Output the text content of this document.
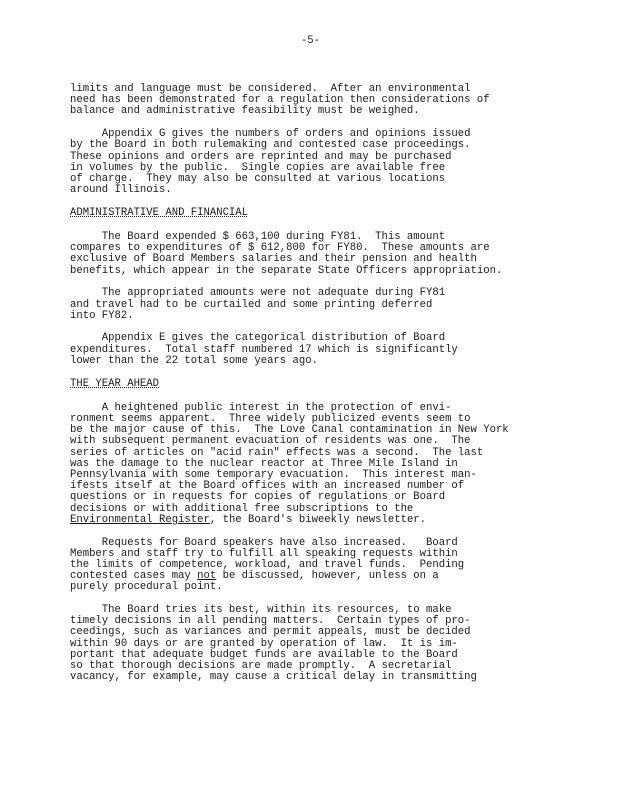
-5-
limits and language must be considered.  After an environmental
need has been demonstrated for a regulation then considerations of
balance and administrative feasibility must be weighed.
Appendix G gives the numbers of orders and opinions issued
by the Board in both rulemaking and contested case proceedings.
These opinions and orders are reprinted and may be purchased
in volumes by the public.  Single copies are available free
of charge.  They may also be consulted at various locations
around Illinois.
ADMINISTRATIVE AND FINANCIAL
The Board expended $ 663,100 during FY81.  This amount
compares to expenditures of $ 612,800 for FY80.  These amounts are
exclusive of Board Members salaries and their pension and health
benefits, which appear in the separate State Officers appropriation.
The appropriated amounts were not adequate during FY81
and travel had to be curtailed and some printing deferred
into FY82.
Appendix E gives the categorical distribution of Board
expenditures.  Total staff numbered 17 which is significantly
lower than the 22 total some years ago.
THE YEAR AHEAD
A heightened public interest in the protection of envi-
ronment seems apparent.  Three widely publicized events seem to
be the major cause of this.  The Love Canal contamination in New York
with subsequent permanent evacuation of residents was one.  The
series of articles on "acid rain" effects was a second.  The last
was the damage to the nuclear reactor at Three Mile Island in
Pennsylvania with some temporary evacuation.  This interest man-
ifests itself at the Board offices with an increased number of
questions or in requests for copies of regulations or Board
decisions or with additional free subscriptions to the
Environmental Register, the Board's biweekly newsletter.
Requests for Board speakers have also increased.   Board
Members and staff try to fulfill all speaking requests within
the limits of competence, workload, and travel funds.  Pending
contested cases may not be discussed, however, unless on a
purely procedural point.
The Board tries its best, within its resources, to make
timely decisions in all pending matters.  Certain types of pro-
ceedings, such as variances and permit appeals, must be decided
within 90 days or are granted by operation of law.  It is im-
portant that adequate budget funds are available to the Board
so that thorough decisions are made promptly.  A secretarial
vacancy, for example, may cause a critical delay in transmitting
